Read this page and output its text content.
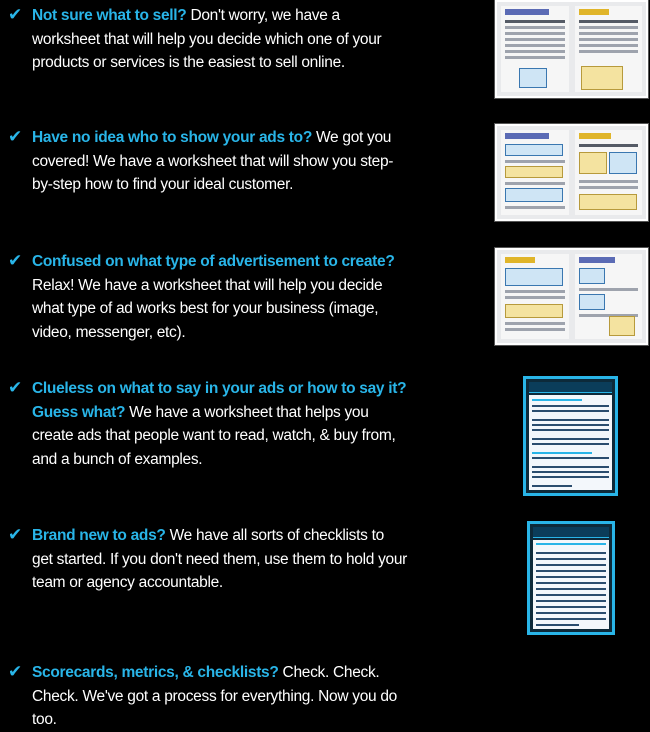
✔ Not sure what to sell? Don't worry, we have a worksheet that will help you decide which one of your products or services is the easiest to sell online.
✔ Have no idea who to show your ads to? We got you covered! We have a worksheet that will show you step-by-step how to find your ideal customer.
✔ Confused on what type of advertisement to create? Relax! We have a worksheet that will help you decide what type of ad works best for your business (image, video, messenger, etc).
✔ Clueless on what to say in your ads or how to say it? Guess what? We have a worksheet that helps you create ads that people want to read, watch, & buy from, and a bunch of examples.
✔ Brand new to ads? We have all sorts of checklists to get started. If you don't need them, use them to hold your team or agency accountable.
✔ Scorecards, metrics, & checklists? Check. Check. Check. We've got a process for everything. Now you do too.
